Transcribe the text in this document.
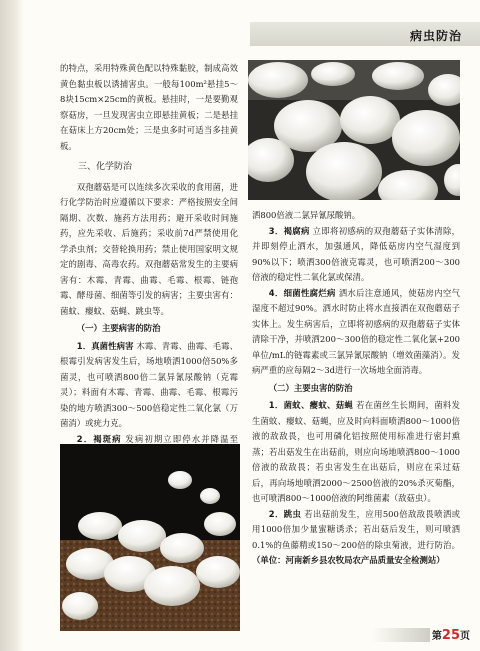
病虫防治

的特点，采用特殊黄色配以特殊黏胶，制成高效黄色黏虫板以诱捕害虫。一般每100m²悬挂5～8块15cm×25cm的黄板。悬挂时，一是要勤观察菇房，一旦发现害虫立即悬挂黄板；二是悬挂在菇床上方20cm处；三是虫多时可适当多挂黄板。

三、化学防治

双孢蘑菇是可以连续多次采收的食用菌，进行化学防治时应遵循以下要求：严格按照安全间隔期、次数、施药方法用药；避开采收时间施药，应先采收、后施药；采收前7d严禁使用化学杀虫剂；交替轮换用药；禁止使用国家明文规定的剧毒、高毒农药。双孢蘑菇常发生的主要病害有：木霉、青霉、曲霉、毛霉、根霉、链孢霉、酵母菌、细菌等引发的病害；主要虫害有：菌蚊、瘿蚊、菇蝇、跳虫等。

（一）主要病害的防治

1．真菌性病害 木霉、青霉、曲霉、毛霉、根霉引发病害发生后，场地喷洒1000倍50%多菌灵，也可喷洒800倍二氯异氰尿酸钠（克霉灵）；料面有木霉、青霉、曲霉、毛霉、根霉污染的地方喷洒300～500倍稳定性二氧化氯（万菌消）或疣力克。

2．褐斑病 发病初期立即停水并降温至

洒800倍液二氯异氰尿酸钠。

3．褐腐病 立即将初感病的双孢蘑菇子实体清除，并即刻停止洒水，加强通风，降低菇房内空气湿度到90%以下；喷洒300倍液克霉灵，也可喷洒200～300倍液的稳定性二氧化氯或保清。

4．细菌性腐烂病 洒水后注意通风，使菇房内空气湿度不超过90%。洒水时防止将水直接洒在双孢蘑菇子实体上。发生病害后，立即将初感病的双孢蘑菇子实体清除干净，并喷洒200～300倍的稳定性二氧化氯+200单位/mL的链霉素或三氯异氰尿酸钠（增效菌藻消）。发病严重的应每隔2～3d进行一次场地全面消毒。

（二）主要虫害的防治

1．菌蚊、瘿蚊、菇蝇 若在菌丝生长期间，菌料发生菌蚊、瘿蚊、菇蝇，应及时向料面喷洒800～1000倍液的敌敌畏，也可用磷化铝按照使用标准进行密封熏蒸；若出菇发生在出菇前，则应向场地喷洒800～1000倍液的敌敌畏；若虫害发生在出菇后，则应在采过菇后，再向场地喷洒2000～2500倍液的20%杀灭菊酯，也可喷洒800～1000倍液的阿维菌素（敌菇虫）。

2．跳虫 若出菇前发生，应用500倍敌敌畏喷洒或用1000倍加少量蜜糖诱杀；若出菇后发生，则可喷洒0.1%的鱼藤精或150～200倍的除虫菊液，进行防治。（单位：河南新乡县农牧局农产品质量安全检测站）

第25页
